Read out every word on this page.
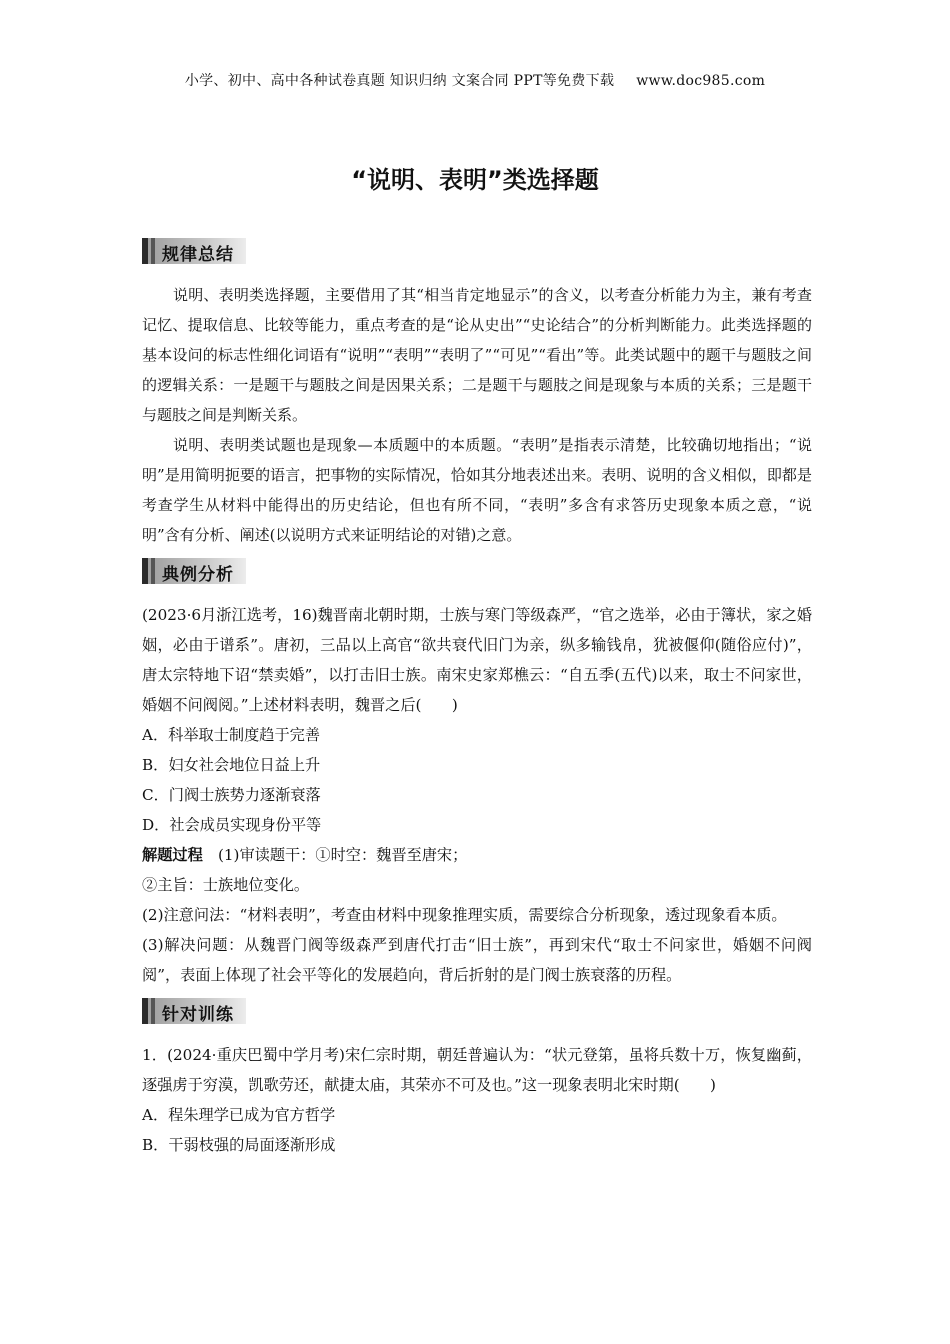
小学、初中、高中各种试卷真题 知识归纳 文案合同 PPT等免费下载 www.doc985.com
“说明、表明”类选择题
规律总结

说明、表明类选择题，主要借用了其“相当肯定地显示”的含义，以考查分析能力为主，兼有考查记忆、提取信息、比较等能力，重点考查的是“论从史出”“史论结合”的分析判断能力。此类选择题的基本设问的标志性细化词语有“说明”“表明”“表明了”“可见”“看出”等。此类试题中的题干与题肢之间的逻辑关系：一是题干与题肢之间是因果关系；二是题干与题肢之间是现象与本质的关系；三是题干与题肢之间是判断关系。

说明、表明类试题也是现象—本质题中的本质题。“表明”是指表示清楚，比较确切地指出；“说明”是用简明扼要的语言，把事物的实际情况，恰如其分地表述出来。表明、说明的含义相似，即都是考查学生从材料中能得出的历史结论，但也有所不同，“表明”多含有求答历史现象本质之意，“说明”含有分析、阐述(以说明方式来证明结论的对错)之意。

典例分析

(2023·6月浙江选考，16)魏晋南北朝时期，士族与寒门等级森严，“官之选举，必由于簿状，家之婚姻，必由于谱系”。唐初，三品以上高官“欲共衰代旧门为亲，纵多输钱帛，犹被偃仰(随俗应付)”，唐太宗特地下诏“禁卖婚”，以打击旧士族。南宋史家郑樵云：“自五季(五代)以来，取士不问家世，婚姻不问阀阅。”上述材料表明，魏晋之后(　　)

A．科举取士制度趋于完善

B．妇女社会地位日益上升

C．门阀士族势力逐渐衰落

D．社会成员实现身份平等

解题过程　(1)审读题干：①时空：魏晋至唐宋；

②主旨：士族地位变化。

(2)注意问法：“材料表明”，考查由材料中现象推理实质，需要综合分析现象，透过现象看本质。

(3)解决问题：从魏晋门阀等级森严到唐代打击“旧士族”，再到宋代“取士不问家世，婚姻不问阀阅”，表面上体现了社会平等化的发展趋向，背后折射的是门阀士族衰落的历程。

针对训练

1．(2024·重庆巴蜀中学月考)宋仁宗时期，朝廷普遍认为：“状元登第，虽将兵数十万，恢复幽蓟，逐强虏于穷漠，凯歌劳还，献捷太庙，其荣亦不可及也。”这一现象表明北宋时期(　　)

A．程朱理学已成为官方哲学

B．干弱枝强的局面逐渐形成
